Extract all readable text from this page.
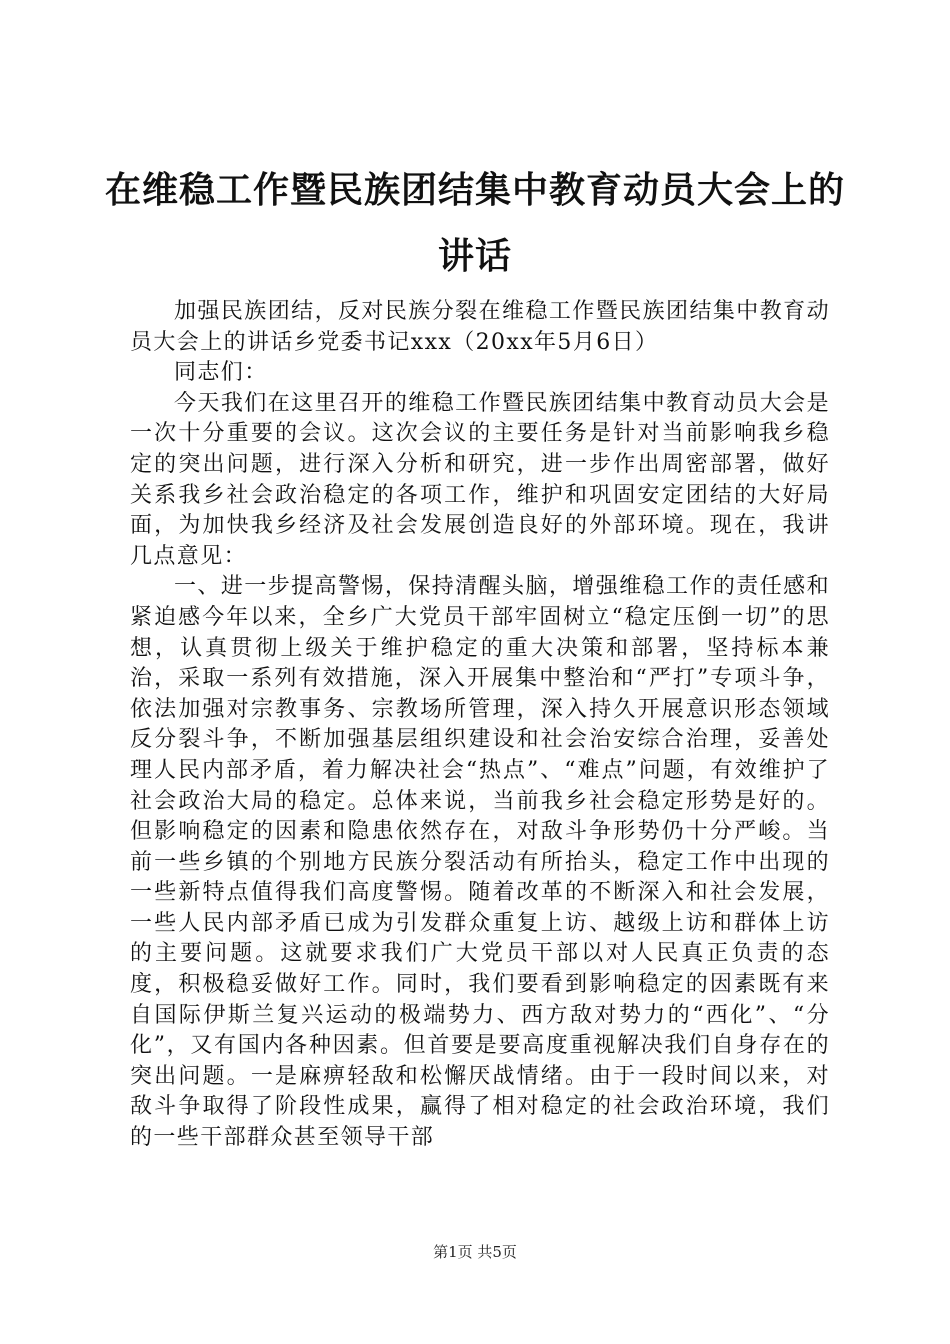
在维稳工作暨民族团结集中教育动员大会上的
讲话

加强民族团结，反对民族分裂在维稳工作暨民族团结集中教育动员大会上的讲话乡党委书记xxx（20xx年5月6日）

同志们：

今天我们在这里召开的维稳工作暨民族团结集中教育动员大会是一次十分重要的会议。这次会议的主要任务是针对当前影响我乡稳定的突出问题，进行深入分析和研究，进一步作出周密部署，做好关系我乡社会政治稳定的各项工作，维护和巩固安定团结的大好局面，为加快我乡经济及社会发展创造良好的外部环境。现在，我讲几点意见：

一、进一步提高警惕，保持清醒头脑，增强维稳工作的责任感和紧迫感今年以来，全乡广大党员干部牢固树立“稳定压倒一切”的思想，认真贯彻上级关于维护稳定的重大决策和部署，坚持标本兼治，采取一系列有效措施，深入开展集中整治和“严打”专项斗争，依法加强对宗教事务、宗教场所管理，深入持久开展意识形态领域反分裂斗争，不断加强基层组织建设和社会治安综合治理，妥善处理人民内部矛盾，着力解决社会“热点”、“难点”问题，有效维护了社会政治大局的稳定。总体来说，当前我乡社会稳定形势是好的。但影响稳定的因素和隐患依然存在，对敌斗争形势仍十分严峻。当前一些乡镇的个别地方民族分裂活动有所抬头，稳定工作中出现的一些新特点值得我们高度警惕。随着改革的不断深入和社会发展，一些人民内部矛盾已成为引发群众重复上访、越级上访和群体上访的主要问题。这就要求我们广大党员干部以对人民真正负责的态度，积极稳妥做好工作。同时，我们要看到影响稳定的因素既有来自国际伊斯兰复兴运动的极端势力、西方敌对势力的“西化”、“分化”，又有国内各种因素。但首要是要高度重视解决我们自身存在的突出问题。一是麻痹轻敌和松懈厌战情绪。由于一段时间以来，对敌斗争取得了阶段性成果，赢得了相对稳定的社会政治环境，我们的一些干部群众甚至领导干部

第1页 共5页
